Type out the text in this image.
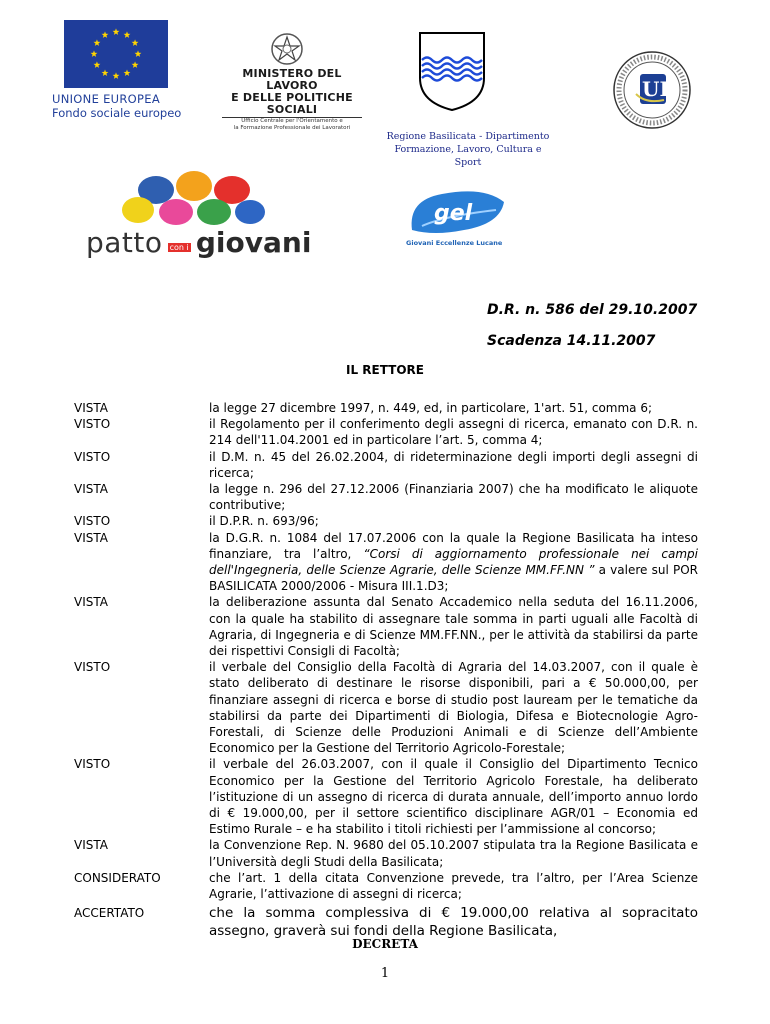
UNIONE EUROPEA
Fondo sociale europeo
MINISTERO DEL LAVORO
E DELLE POLITICHE SOCIALI
Ufficio Centrale per l'Orientamento e
la Formazione Professionale dei Lavoratori
Regione Basilicata - Dipartimento
Formazione, Lavoro, Cultura e
Sport
UB
patto con i giovani
gel
Giovani Eccellenze Lucane
D.R. n. 586 del 29.10.2007
Scadenza 14.11.2007
IL RETTORE
VISTA	la legge 27 dicembre 1997, n. 449, ed, in particolare, 1'art. 51, comma 6;
VISTO	il Regolamento per il conferimento degli assegni di ricerca, emanato con D.R. n. 214 dell'11.04.2001 ed in particolare l’art. 5, comma 4;
VISTO	il D.M. n. 45 del 26.02.2004, di rideterminazione degli importi degli assegni di ricerca;
VISTA	la legge n. 296 del 27.12.2006 (Finanziaria 2007) che ha modificato le aliquote contributive;
VISTO	il D.P.R. n. 693/96;
VISTA	la D.G.R. n. 1084 del 17.07.2006 con la quale la Regione Basilicata ha inteso finanziare, tra l’altro, “Corsi di aggiornamento professionale nei campi dell'Ingegneria, delle Scienze Agrarie, delle Scienze MM.FF.NN ” a valere sul POR BASILICATA 2000/2006 - Misura III.1.D3;
VISTA	la deliberazione assunta dal Senato Accademico nella seduta del 16.11.2006, con la quale ha stabilito di assegnare tale somma in parti uguali alle Facoltà di Agraria, di Ingegneria e di Scienze MM.FF.NN., per le attività da stabilirsi da parte dei rispettivi Consigli di Facoltà;
VISTO	il verbale del Consiglio della Facoltà di Agraria del 14.03.2007, con il quale è stato deliberato di destinare le risorse disponibili, pari a € 50.000,00, per finanziare assegni di ricerca e borse di studio post lauream per le tematiche da stabilirsi da parte dei Dipartimenti di Biologia, Difesa e Biotecnologie Agro-Forestali, di Scienze delle Produzioni Animali e di Scienze dell’Ambiente Economico per la Gestione del Territorio Agricolo-Forestale;
VISTO	il verbale del 26.03.2007, con il quale il Consiglio del Dipartimento Tecnico Economico per la Gestione del Territorio Agricolo Forestale, ha deliberato l’istituzione di un assegno di ricerca di durata annuale, dell’importo annuo lordo di € 19.000,00, per il settore scientifico disciplinare AGR/01 – Economia ed Estimo Rurale – e ha stabilito i titoli richiesti per l’ammissione al concorso;
VISTA	la Convenzione Rep. N. 9680 del 05.10.2007 stipulata tra la Regione Basilicata e l’Università degli Studi della Basilicata;
CONSIDERATO	che l’art. 1 della citata Convenzione prevede, tra l’altro, per l’Area Scienze Agrarie, l’attivazione di assegni di ricerca;
ACCERTATO	che la somma complessiva di € 19.000,00 relativa al sopracitato assegno, graverà sui fondi della Regione Basilicata,
DECRETA
1
